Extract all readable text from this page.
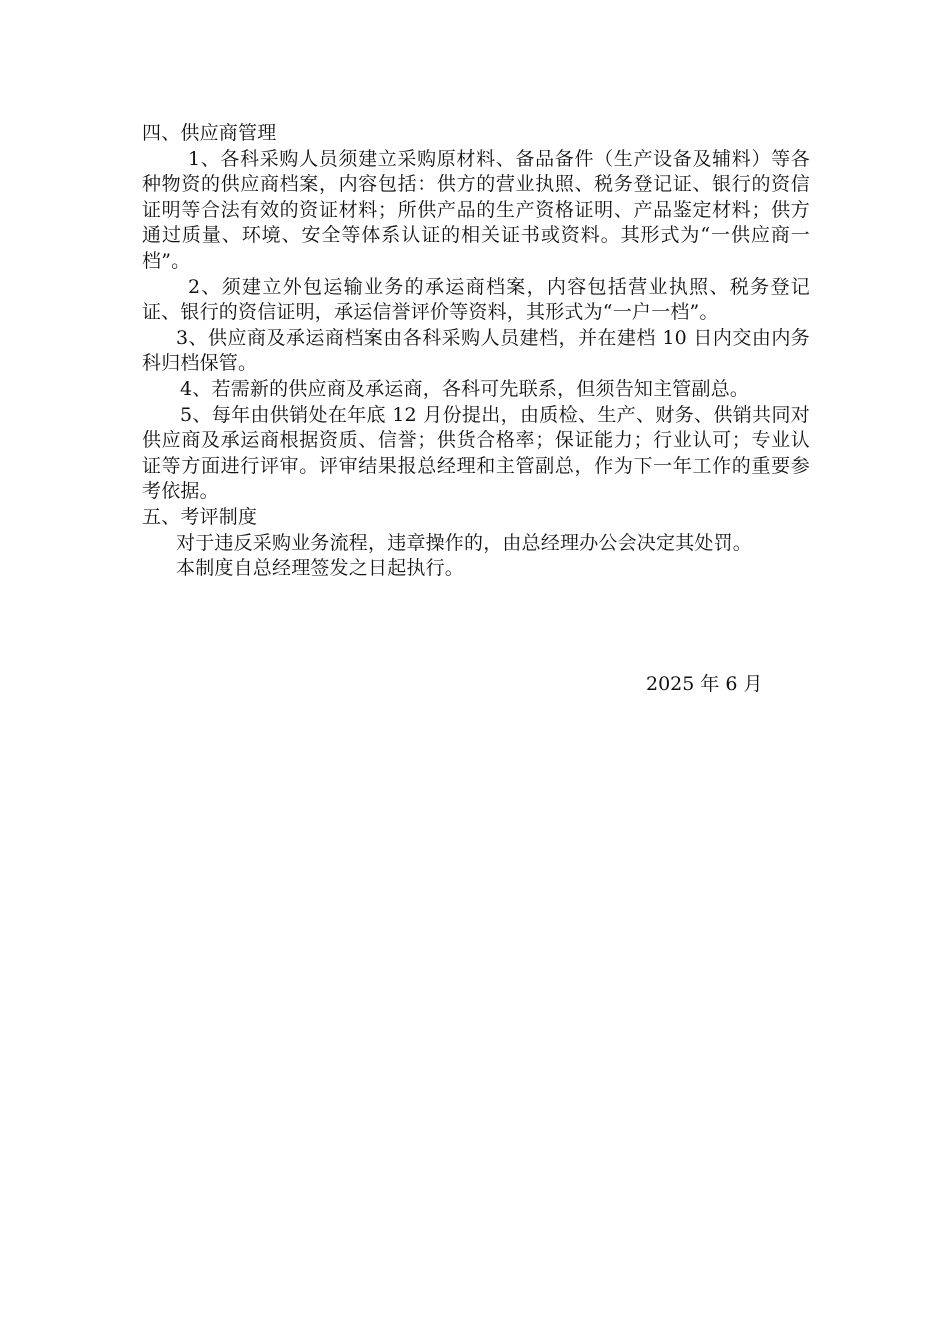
四、供应商管理

1、各科采购人员须建立采购原材料、备品备件（生产设备及辅料）等各种物资的供应商档案，内容包括：供方的营业执照、税务登记证、银行的资信证明等合法有效的资证材料；所供产品的生产资格证明、产品鉴定材料；供方通过质量、环境、安全等体系认证的相关证书或资料。其形式为“一供应商一档”。

2、须建立外包运输业务的承运商档案，内容包括营业执照、税务登记证、银行的资信证明，承运信誉评价等资料，其形式为“一户一档”。

3、供应商及承运商档案由各科采购人员建档，并在建档 10 日内交由内务科归档保管。

4、若需新的供应商及承运商，各科可先联系，但须告知主管副总。

5、每年由供销处在年底 12 月份提出，由质检、生产、财务、供销共同对供应商及承运商根据资质、信誉；供货合格率；保证能力；行业认可；专业认证等方面进行评审。评审结果报总经理和主管副总，作为下一年工作的重要参考依据。

五、考评制度

对于违反采购业务流程，违章操作的，由总经理办公会决定其处罚。

本制度自总经理签发之日起执行。

2025 年 6 月
